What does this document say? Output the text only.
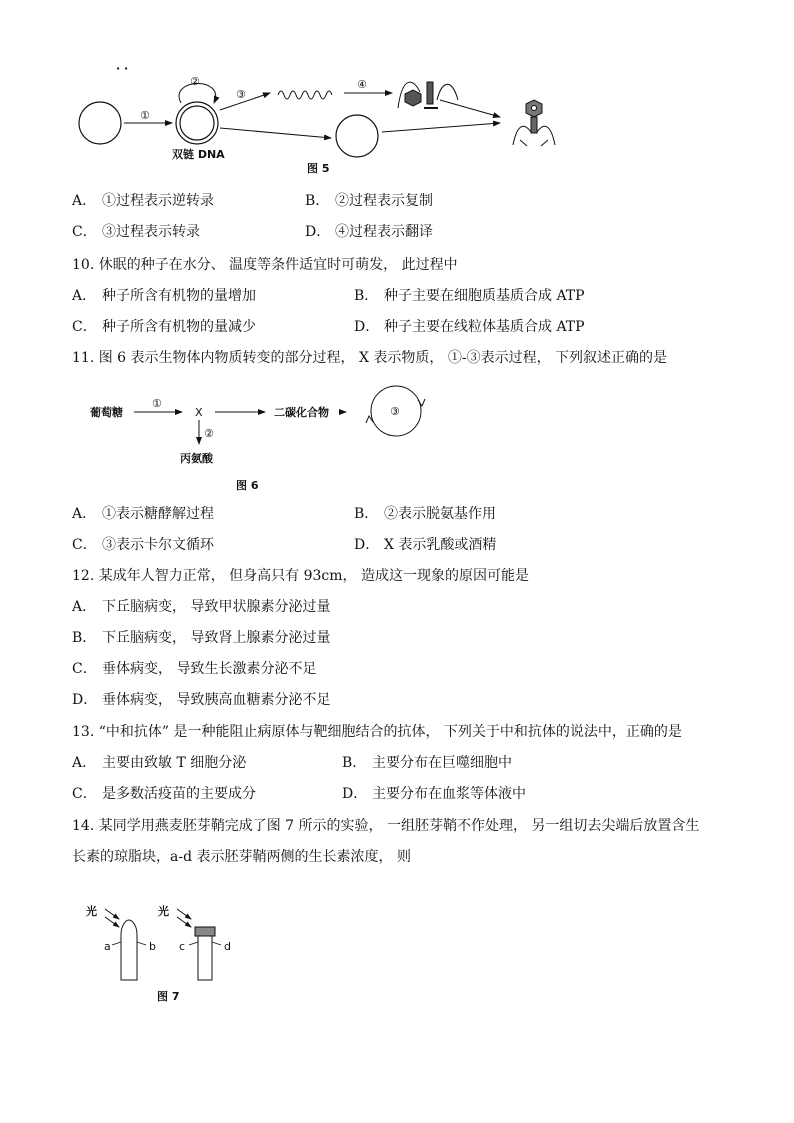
· ·
①
②
双链 DNA
③
④
图 5
A． ①过程表示逆转录	B． ②过程表示复制
C． ③过程表示转录	D． ④过程表示翻译
10. 休眠的种子在水分、 温度等条件适宜时可萌发， 此过程中
A． 种子所含有机物的量增加	B． 种子主要在细胞质基质合成 ATP
C． 种子所含有机物的量减少	D． 种子主要在线粒体基质合成 ATP
11. 图 6 表示生物体内物质转变的部分过程， X 表示物质， ①-③表示过程， 下列叙述正确的是
葡萄糖
①
X	二碳化合物	③
②
丙氨酸
图 6
A． ①表示糖酵解过程	B． ②表示脱氨基作用
C． ③表示卡尔文循环	D． X 表示乳酸或酒精
12. 某成年人智力正常， 但身高只有 93cm， 造成这一现象的原因可能是
A． 下丘脑病变， 导致甲状腺素分泌过量
B． 下丘脑病变， 导致肾上腺素分泌过量
C． 垂体病变， 导致生长激素分泌不足
D． 垂体病变， 导致胰高血糖素分泌不足
13. “中和抗体” 是一种能阻止病原体与靶细胞结合的抗体， 下列关于中和抗体的说法中，正确的是
A． 主要由致敏 T 细胞分泌	B． 主要分布在巨噬细胞中
C． 是多数活疫苗的主要成分	D． 主要分布在血浆等体液中
14. 某同学用燕麦胚芽鞘完成了图 7 所示的实验， 一组胚芽鞘不作处理， 另一组切去尖端后放置含生
长素的琼脂块，a-d 表示胚芽鞘两侧的生长素浓度， 则
光
a	b
光
c	d
图 7
